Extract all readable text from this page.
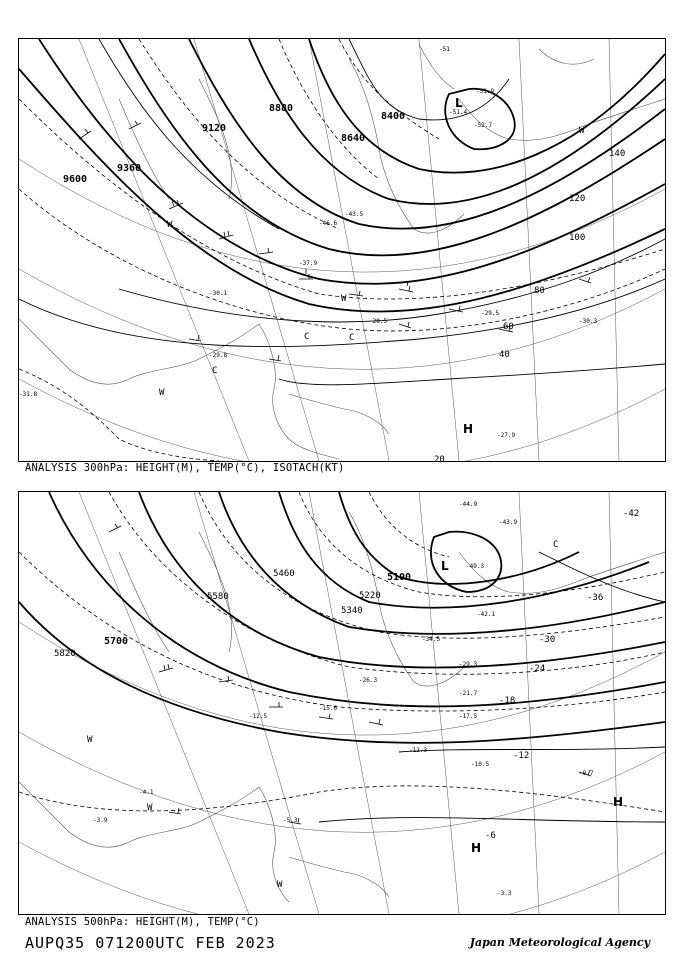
9600
9360
9120
8880
8640
8400
20
40
60
80
100
120
140
-51
-52.7
-51.4
-46.6
-43.5
-37.9
-30.1
-29.8
-29.5
-28.5	-30.3
-27.9
-31.8
-51.9
L
H
W
C
W
C
W
C
W
ANALYSIS 300hPa: HEIGHT(M), TEMP(°C), ISOTACH(KT)
5820
5700
5580
5460
5340
5220
5100
-42
-36
-30
-24
-18
-12
-6
-44.9
-43.9
-49.3
-42.1
-34.5
-29.3
-21.7
-17.5
-12.3
-10.5
-9.7
-5.3
-3.3
-3.9
-4.1
-12.5
-15.6
-26.3
L
H
H
W
W
W
C
ANALYSIS 500hPa: HEIGHT(M), TEMP(°C)
AUPQ35 071200UTC FEB 2023	Japan Meteorological Agency
